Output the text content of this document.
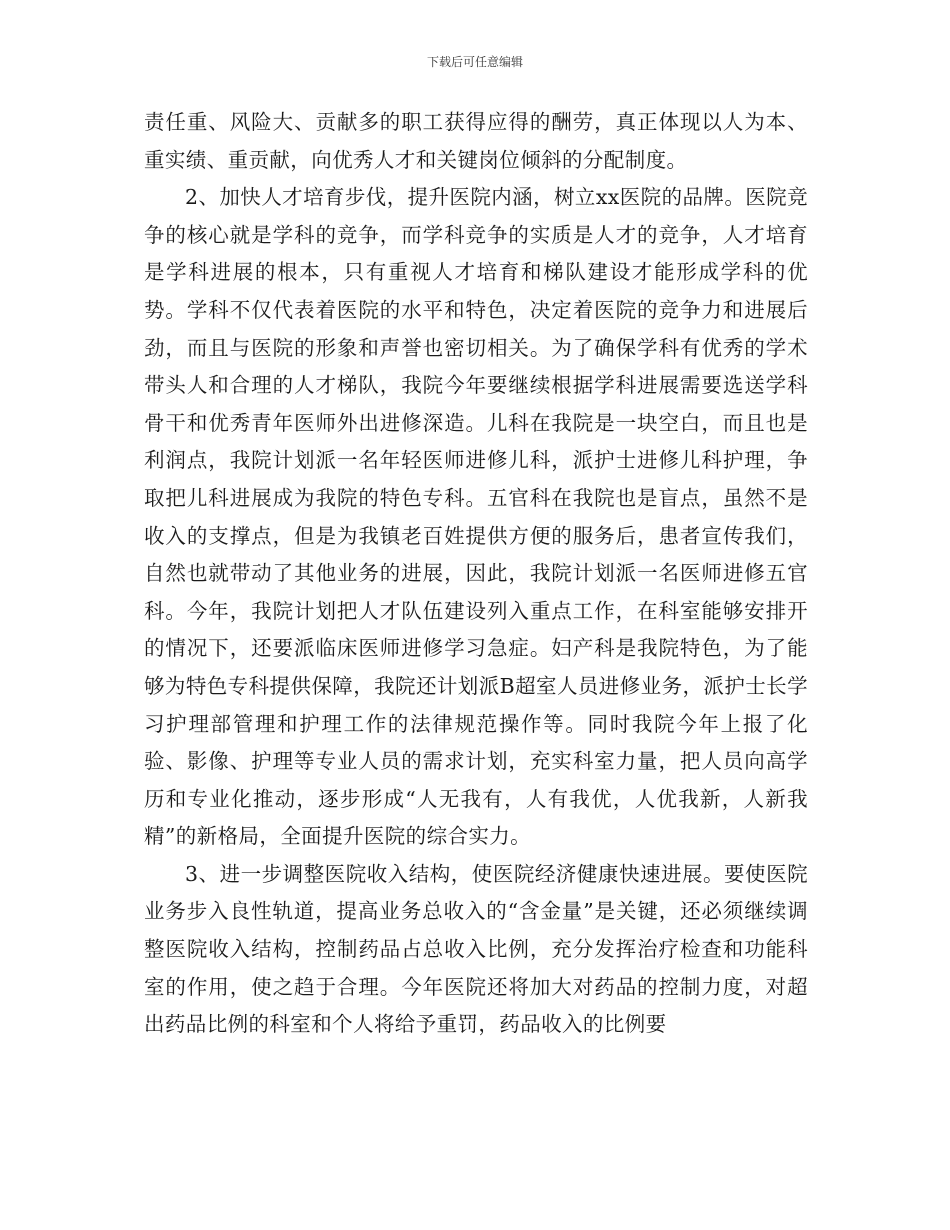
下载后可任意编辑

责任重、风险大、贡献多的职工获得应得的酬劳，真正体现以人为本、重实绩、重贡献，向优秀人才和关键岗位倾斜的分配制度。

2、加快人才培育步伐，提升医院内涵，树立xx医院的品牌。医院竞争的核心就是学科的竞争，而学科竞争的实质是人才的竞争，人才培育是学科进展的根本，只有重视人才培育和梯队建设才能形成学科的优势。学科不仅代表着医院的水平和特色，决定着医院的竞争力和进展后劲，而且与医院的形象和声誉也密切相关。为了确保学科有优秀的学术带头人和合理的人才梯队，我院今年要继续根据学科进展需要选送学科骨干和优秀青年医师外出进修深造。儿科在我院是一块空白，而且也是利润点，我院计划派一名年轻医师进修儿科，派护士进修儿科护理，争取把儿科进展成为我院的特色专科。五官科在我院也是盲点，虽然不是收入的支撑点，但是为我镇老百姓提供方便的服务后，患者宣传我们，自然也就带动了其他业务的进展，因此，我院计划派一名医师进修五官科。今年，我院计划把人才队伍建设列入重点工作，在科室能够安排开的情况下，还要派临床医师进修学习急症。妇产科是我院特色，为了能够为特色专科提供保障，我院还计划派B超室人员进修业务，派护士长学习护理部管理和护理工作的法律规范操作等。同时我院今年上报了化验、影像、护理等专业人员的需求计划，充实科室力量，把人员向高学历和专业化推动，逐步形成“人无我有，人有我优，人优我新，人新我精”的新格局，全面提升医院的综合实力。

3、进一步调整医院收入结构，使医院经济健康快速进展。要使医院业务步入良性轨道，提高业务总收入的“含金量”是关键，还必须继续调整医院收入结构，控制药品占总收入比例，充分发挥治疗检查和功能科室的作用，使之趋于合理。今年医院还将加大对药品的控制力度，对超出药品比例的科室和个人将给予重罚，药品收入的比例要
